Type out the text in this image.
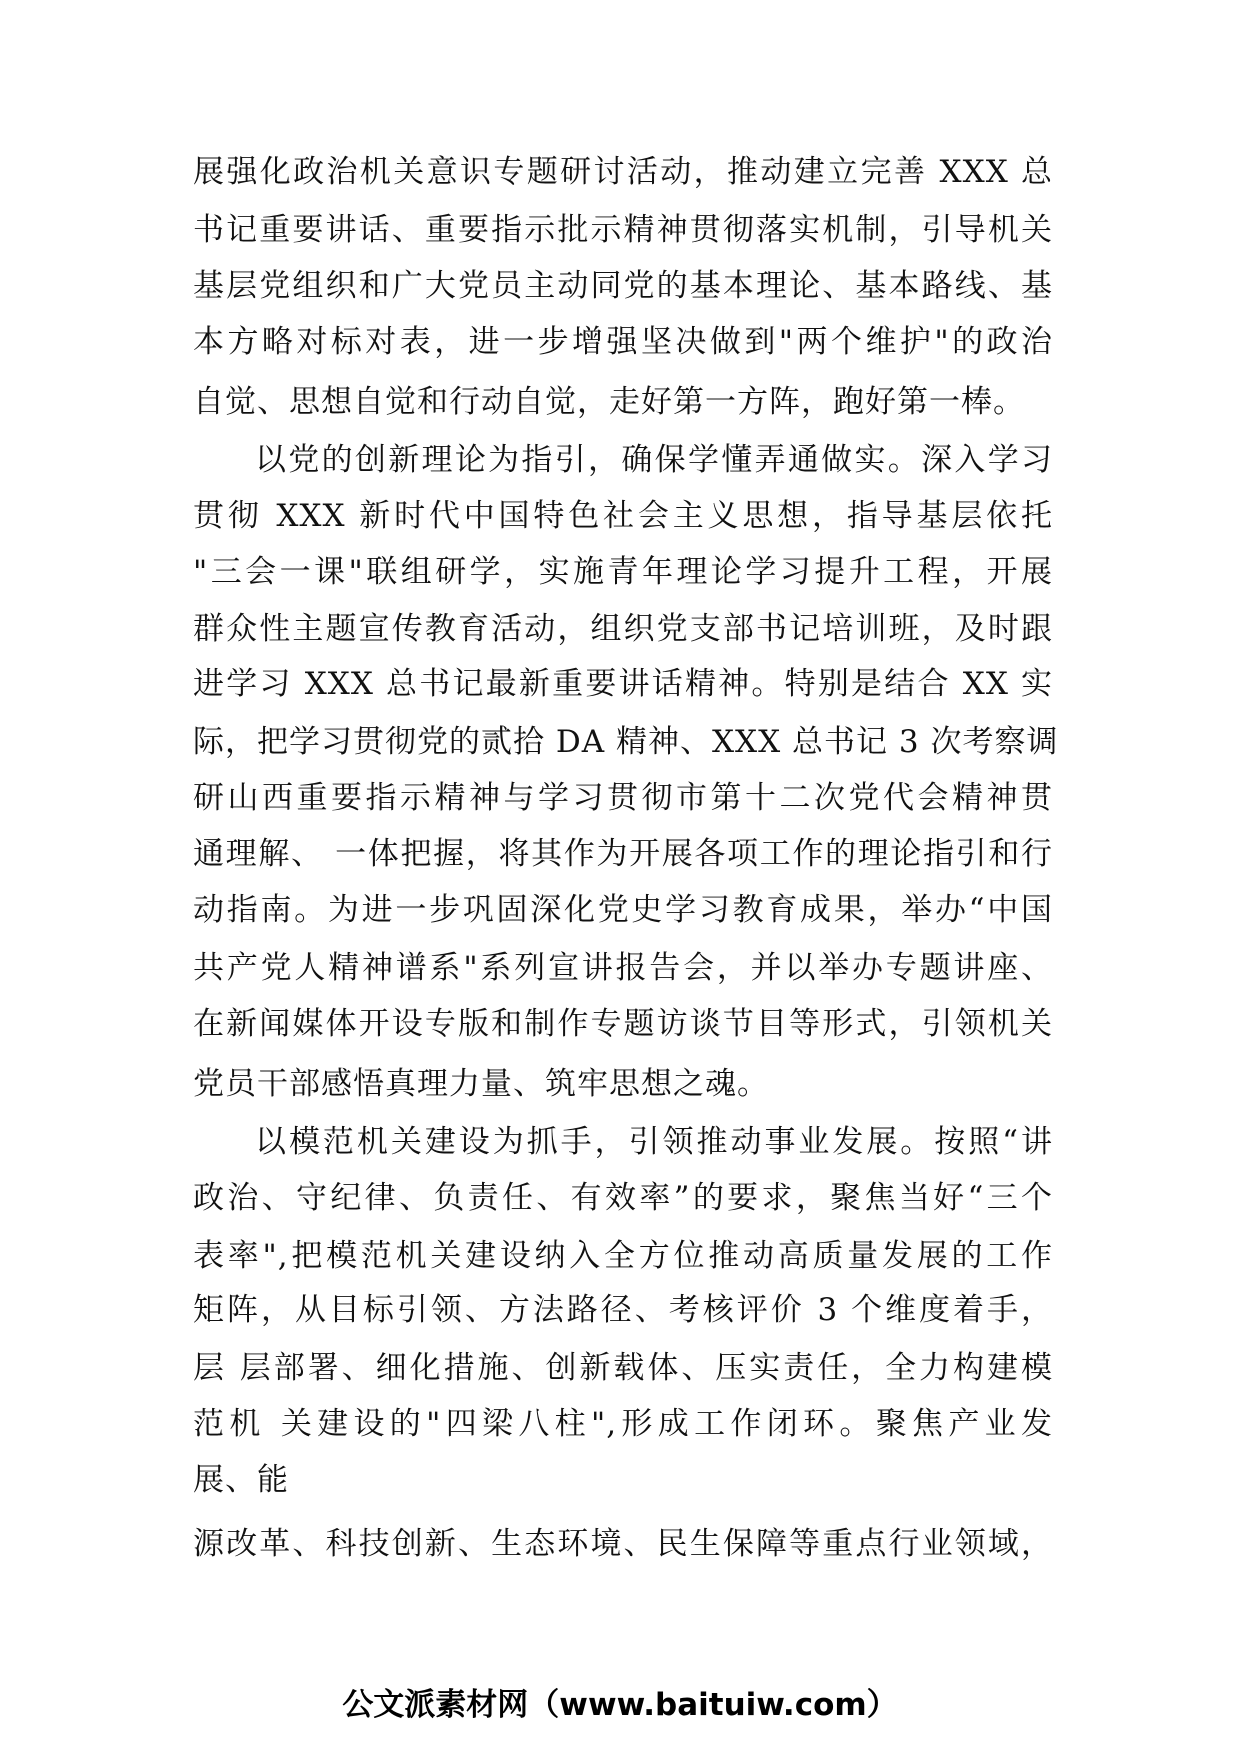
展强化政治机关意识专题研讨活动，推动建立完善 XXX 总
书记重要讲话、重要指示批示精神贯彻落实机制，引导机关
基层党组织和广大党员主动同党的基本理论、基本路线、基
本方略对标对表，进一步增强坚决做到"两个维护"的政治
自觉、思想自觉和行动自觉，走好第一方阵，跑好第一棒。
以党的创新理论为指引，确保学懂弄通做实。深入学习
贯彻 XXX 新时代中国特色社会主义思想，指导基层依托
"三会一课"联组研学，实施青年理论学习提升工程，开展
群众性主题宣传教育活动，组织党支部书记培训班，及时跟
进学习 XXX 总书记最新重要讲话精神。特别是结合 XX 实
际，把学习贯彻党的贰拾 DA 精神、XXX 总书记 3 次考察调
研山西重要指示精神与学习贯彻市第十二次党代会精神贯
通理解、 一体把握，将其作为开展各项工作的理论指引和行
动指南。为进一步巩固深化党史学习教育成果，举办“中国
共产党人精神谱系"系列宣讲报告会，并以举办专题讲座、
在新闻媒体开设专版和制作专题访谈节目等形式，引领机关
党员干部感悟真理力量、筑牢思想之魂。
以模范机关建设为抓手，引领推动事业发展。按照“讲
政治、守纪律、负责任、有效率”的要求，聚焦当好“三个
表率",把模范机关建设纳入全方位推动高质量发展的工作
矩阵，从目标引领、方法路径、考核评价 3 个维度着手，
层 层部署、细化措施、创新载体、压实责任，全力构建模
范机 关建设的"四梁八柱",形成工作闭环。聚焦产业发
展、能
源改革、科技创新、生态环境、民生保障等重点行业领域，
公文派素材网（www.baituiw.com）
